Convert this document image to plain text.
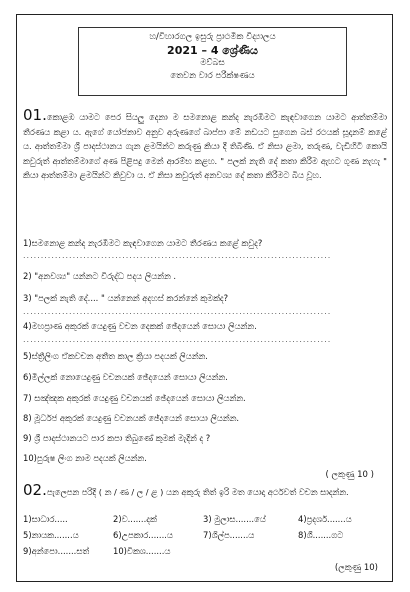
හ/විහාරගල ඉසුරු ප්‍රාථමික විද්‍යාලය
2021 – 4 ශ්‍රේණිය
මව්බස
තෙවන වාර පරීක්ෂණය
01.කොළඹ යාමට පෙර සියලු දෙනා ම සමනොළ කන්ද නැරඹීමට කැඳවාගෙන යාමට ආත්තම්මා තීරණය කළා ය. ඇගේ යෝජනාව අනුව අරුණගේ බාප්පා මේ නඩයට සුගෙන බස් රථයක් සූදානම් කළේ ය. ආත්තම්මා ශ්‍රී පාදස්ථානය ගැන ළමයින්ට කරුණු කියා දී තිබිණි. ඒ නිසා ළමා, තරුණ, වැඩිහිටි කොයි කවුරුත් ආත්තම්මාගේ අණ පිළිපදු මෙන් ආරම්භ කළහ. " පලක් නැති දේ කතා කිරීම ඇහට ගුණ නැහැ " කියා ආත්තම්මා ළමයින්ට කිවුවා ය. ඒ නිසා කවුරුත් අනවශ්‍ය දේ කතා කිරීමට බිය වූහ.
1)සමනොළ කන්ද නැරඹීමට කැඳවාගෙන යාමට තීරණය කළේ කවුද?
.......................................................................................
2) "අනවශ්‍ය" යන්නට විරුද්ධ පදය ලියන්න .
3) "පලක් නැති දේ.... " යන්නෙන් අදහස් කරන්නේ කුමක්ද?
.......................................................................................
4)මහප්‍රාණ අකුරක් යෙදුණු වචන දෙකක් ඡේදයෙන් සොයා ලියන්න.
.......................................................................................
5)ස්ත්‍රීලිංග ඒකවචන අතීත කාල ක්‍රියා පදයක් ලියන්න.
6)මිල්ලක් නොයෙදුණු වචනයක් ඡේදයෙන් සොයා ලියන්න.
7) සඤ්ඤක අකුරක් යෙදුණු වචනයක් ඡේදයෙන් සොයා ලියන්න.
8) මූර්ධජ අකුරක් යෙදුණු වචනයක් ඡේදයෙන් සොයා ලියන්න.
9) ශ්‍රී පාදස්ථානයට පාර කපා තිබුණේ කුමක් මැදින් ද ?
10)පුරුෂ ලිංග නාම පදයක් ලියන්න.
( ලකුණු 10 )
02.පැලෙපන පරිදි ( න / ණ / ල / ළ ) යන අකුරු තිත් ඉරි මත යොදා අර්ථවත් වචන සාදන්න.
1)සාධාර.....	2)ව.......දක්	3) මුලාස.......යේ	4)ප්‍රදර්ශ.......ය
5)නායක.......ය	6)උපකාර.......ය	7)ශිල්ප.......ය	8)ශී.......ගට
9)අන්පො.......සත්	10)විකශ.......ය
(ලකුණු 10)
